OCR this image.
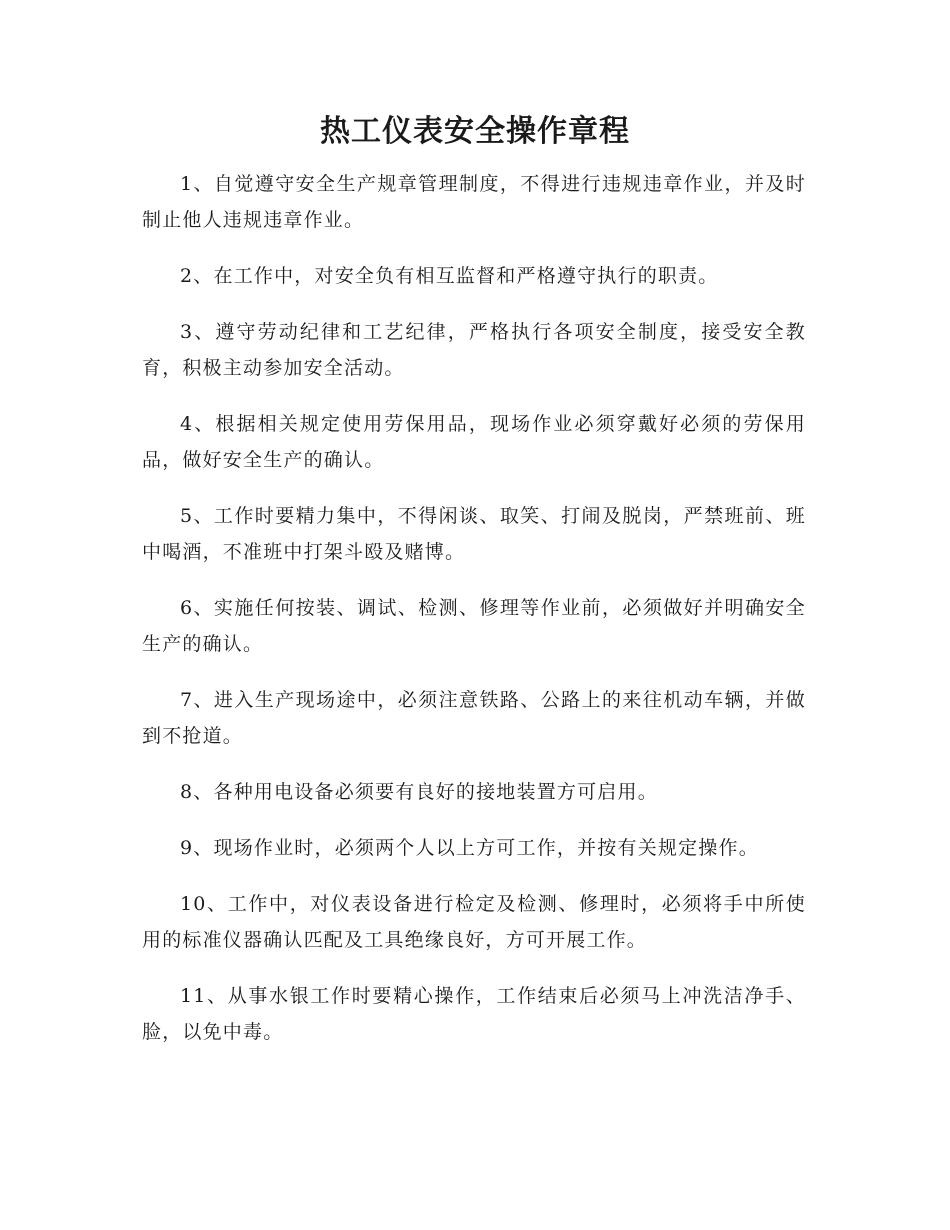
热工仪表安全操作章程

1、自觉遵守安全生产规章管理制度，不得进行违规违章作业，并及时制止他人违规违章作业。

2、在工作中，对安全负有相互监督和严格遵守执行的职责。

3、遵守劳动纪律和工艺纪律，严格执行各项安全制度，接受安全教育，积极主动参加安全活动。

4、根据相关规定使用劳保用品，现场作业必须穿戴好必须的劳保用品，做好安全生产的确认。

5、工作时要精力集中，不得闲谈、取笑、打闹及脱岗，严禁班前、班中喝酒，不准班中打架斗殴及赌博。

6、实施任何按装、调试、检测、修理等作业前，必须做好并明确安全生产的确认。

7、进入生产现场途中，必须注意铁路、公路上的来往机动车辆，并做到不抢道。

8、各种用电设备必须要有良好的接地装置方可启用。

9、现场作业时，必须两个人以上方可工作，并按有关规定操作。

10、工作中，对仪表设备进行检定及检测、修理时，必须将手中所使用的标准仪器确认匹配及工具绝缘良好，方可开展工作。

11、从事水银工作时要精心操作，工作结束后必须马上冲洗洁净手、脸，以免中毒。
